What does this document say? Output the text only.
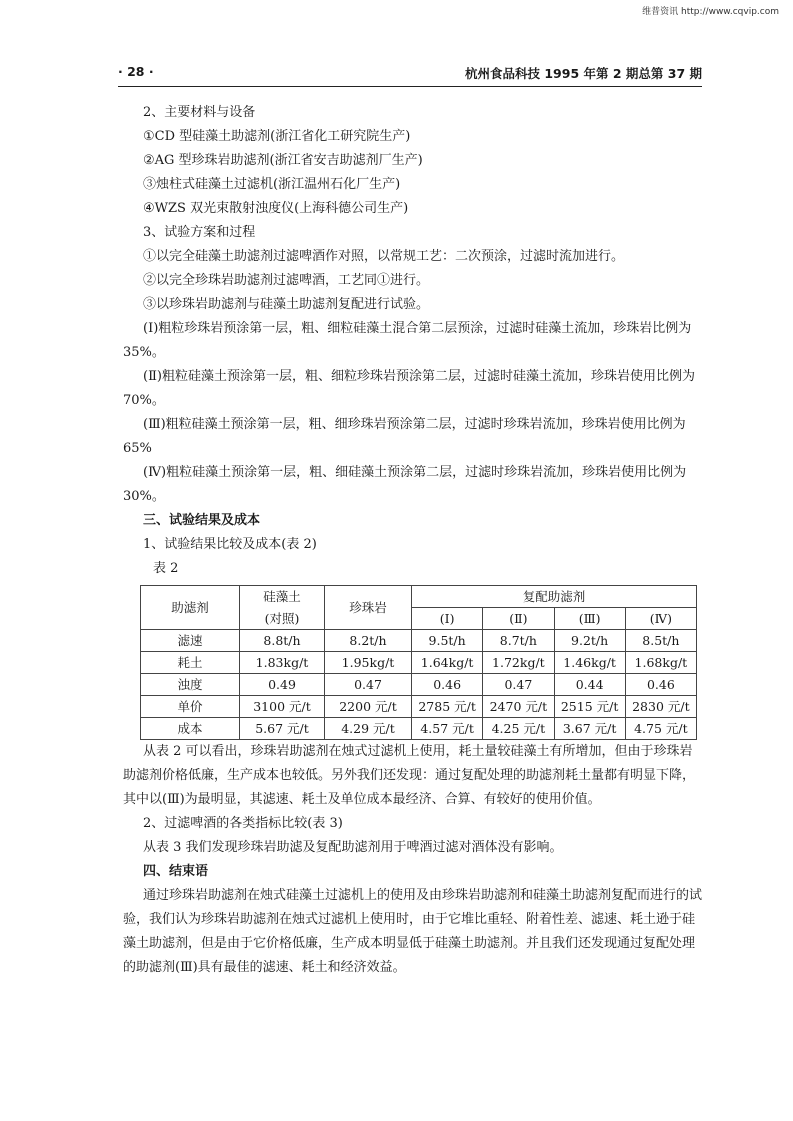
维普资讯 http://www.cqvip.com
· 28 ·	杭州食品科技 1995 年第 2 期总第 37 期

2、主要材料与设备

①CD 型硅藻土助滤剂(浙江省化工研究院生产)

②AG 型珍珠岩助滤剂(浙江省安吉助滤剂厂生产)

③烛柱式硅藻土过滤机(浙江温州石化厂生产)

④WZS 双光束散射浊度仪(上海科德公司生产)

3、试验方案和过程

①以完全硅藻土助滤剂过滤啤酒作对照，以常规工艺：二次预涂，过滤时流加进行。

②以完全珍珠岩助滤剂过滤啤酒，工艺同①进行。

③以珍珠岩助滤剂与硅藻土助滤剂复配进行试验。

(Ⅰ)粗粒珍珠岩预涂第一层，粗、细粒硅藻土混合第二层预涂，过滤时硅藻土流加，珍珠岩比例为 35%。

(Ⅱ)粗粒硅藻土预涂第一层，粗、细粒珍珠岩预涂第二层，过滤时硅藻土流加，珍珠岩使用比例为 70%。

(Ⅲ)粗粒硅藻土预涂第一层，粗、细珍珠岩预涂第二层，过滤时珍珠岩流加，珍珠岩使用比例为 65%

(Ⅳ)粗粒硅藻土预涂第一层，粗、细硅藻土预涂第二层，过滤时珍珠岩流加，珍珠岩使用比例为 30%。

三、试验结果及成本

1、试验结果比较及成本(表 2)

表 2

助滤剂	硅藻土	珍珠岩	复配助滤剂			
	(对照)		(Ⅰ)	(Ⅱ)	(Ⅲ)	(Ⅳ)
滤速	8.8t/h	8.2t/h	9.5t/h	8.7t/h	9.2t/h	8.5t/h
耗土	1.83kg/t	1.95kg/t	1.64kg/t	1.72kg/t	1.46kg/t	1.68kg/t
浊度	0.49	0.47	0.46	0.47	0.44	0.46
单价	3100 元/t	2200 元/t	2785 元/t	2470 元/t	2515 元/t	2830 元/t
成本	5.67 元/t	4.29 元/t	4.57 元/t	4.25 元/t	3.67 元/t	4.75 元/t

从表 2 可以看出，珍珠岩助滤剂在烛式过滤机上使用，耗土量较硅藻土有所增加，但由于珍珠岩助滤剂价格低廉，生产成本也较低。另外我们还发现：通过复配处理的助滤剂耗土量都有明显下降，其中以(Ⅲ)为最明显，其滤速、耗土及单位成本最经济、合算、有较好的使用价值。

2、过滤啤酒的各类指标比较(表 3)

从表 3 我们发现珍珠岩助滤及复配助滤剂用于啤酒过滤对酒体没有影响。

四、结束语

通过珍珠岩助滤剂在烛式硅藻土过滤机上的使用及由珍珠岩助滤剂和硅藻土助滤剂复配而进行的试验，我们认为珍珠岩助滤剂在烛式过滤机上使用时，由于它堆比重轻、附着性差、滤速、耗土逊于硅藻土助滤剂，但是由于它价格低廉，生产成本明显低于硅藻土助滤剂。并且我们还发现通过复配处理的助滤剂(Ⅲ)具有最佳的滤速、耗土和经济效益。
